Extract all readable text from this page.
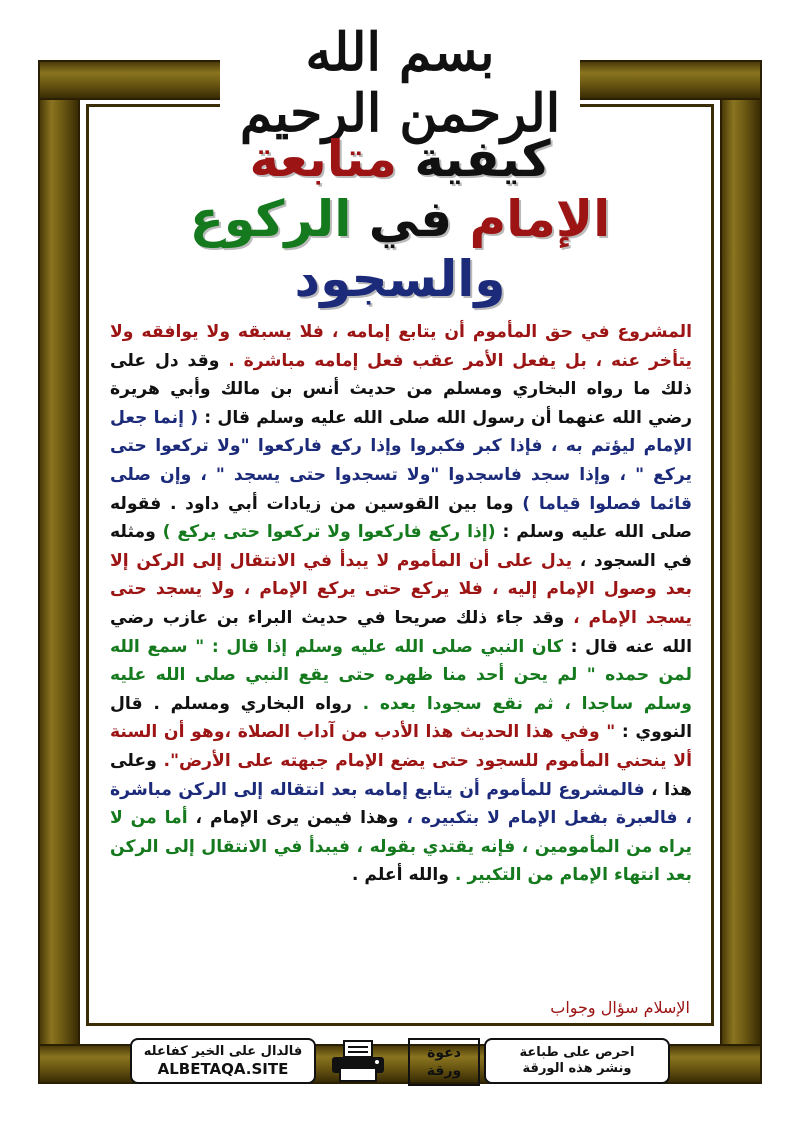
بسم الله الرحمن الرحيم
كيفية متابعة
الإمام في الركوع
والسجود

المشروع في حق المأموم أن يتابع إمامه ، فلا يسبقه ولا يوافقه ولا يتأخر عنه ، بل يفعل الأمر عقب فعل إمامه مباشرة . وقد دل على ذلك ما رواه البخاري ومسلم من حديث أنس بن مالك وأبي هريرة رضي الله عنهما أن رسول الله صلى الله عليه وسلم قال : ( إنما جعل الإمام ليؤتم به ، فإذا كبر فكبروا وإذا ركع فاركعوا "ولا تركعوا حتى يركع " ، وإذا سجد فاسجدوا "ولا تسجدوا حتى يسجد " ، وإن صلى قائما فصلوا قياما ) وما بين القوسين من زيادات أبي داود . فقوله صلى الله عليه وسلم : (إذا ركع فاركعوا ولا تركعوا حتى يركع ) ومثله في السجود ، يدل على أن المأموم لا يبدأ في الانتقال إلى الركن إلا بعد وصول الإمام إليه ، فلا يركع حتى يركع الإمام ، ولا يسجد حتى يسجد الإمام ، وقد جاء ذلك صريحا في حديث البراء بن عازب رضي الله عنه قال : كان النبي صلى الله عليه وسلم إذا قال : " سمع الله لمن حمده " لم يحن أحد منا ظهره حتى يقع النبي صلى الله عليه وسلم ساجدا ، ثم نقع سجودا بعده . رواه البخاري ومسلم . قال النووي : " وفي هذا الحديث هذا الأدب من آداب الصلاة ،وهو أن السنة ألا ينحني المأموم للسجود حتى يضع الإمام جبهته على الأرض". وعلى هذا ، فالمشروع للمأموم أن يتابع إمامه بعد انتقاله إلى الركن مباشرة ، فالعبرة بفعل الإمام لا بتكبيره ، وهذا فيمن يرى الإمام ، أما من لا يراه من المأمومين ، فإنه يقتدي بقوله ، فيبدأ في الانتقال إلى الركن بعد انتهاء الإمام من التكبير . والله أعلم .

الإسلام سؤال وجواب
فالدال على الخير كفاعله
ALBETAQA.SITE
دعوة
ورقة
احرص على طباعة
ونشر هذه الورقة
